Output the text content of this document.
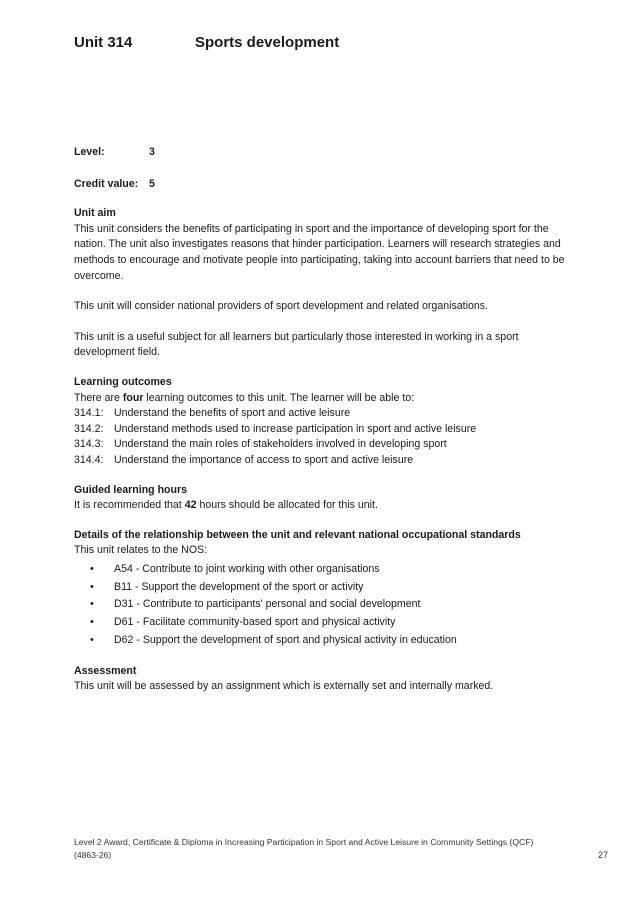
Unit 314	Sports development
Level:	3
Credit value: 5
Unit aim

This unit considers the benefits of participating in sport and the importance of developing sport for the nation. The unit also investigates reasons that hinder participation. Learners will research strategies and methods to encourage and motivate people into participating, taking into account barriers that need to be overcome.

This unit will consider national providers of sport development and related organisations.

This unit is a useful subject for all learners but particularly those interested in working in a sport development field.

Learning outcomes

There are four learning outcomes to this unit. The learner will be able to:

314.1: Understand the benefits of sport and active leisure
314.2: Understand methods used to increase participation in sport and active leisure
314.3: Understand the main roles of stakeholders involved in developing sport
314.4: Understand the importance of access to sport and active leisure
Guided learning hours

It is recommended that 42 hours should be allocated for this unit.

Details of the relationship between the unit and relevant national occupational standards

This unit relates to the NOS:

• A54 - Contribute to joint working with other organisations
• B11 - Support the development of the sport or activity
• D31 - Contribute to participants' personal and social development
• D61 - Facilitate community-based sport and physical activity
• D62 - Support the development of sport and physical activity in education
Assessment

This unit will be assessed by an assignment which is externally set and internally marked.

Level 2 Award, Certificate & Diploma in Increasing Participation in Sport and Active Leisure in Community Settings (QCF)
(4863-26)	27
